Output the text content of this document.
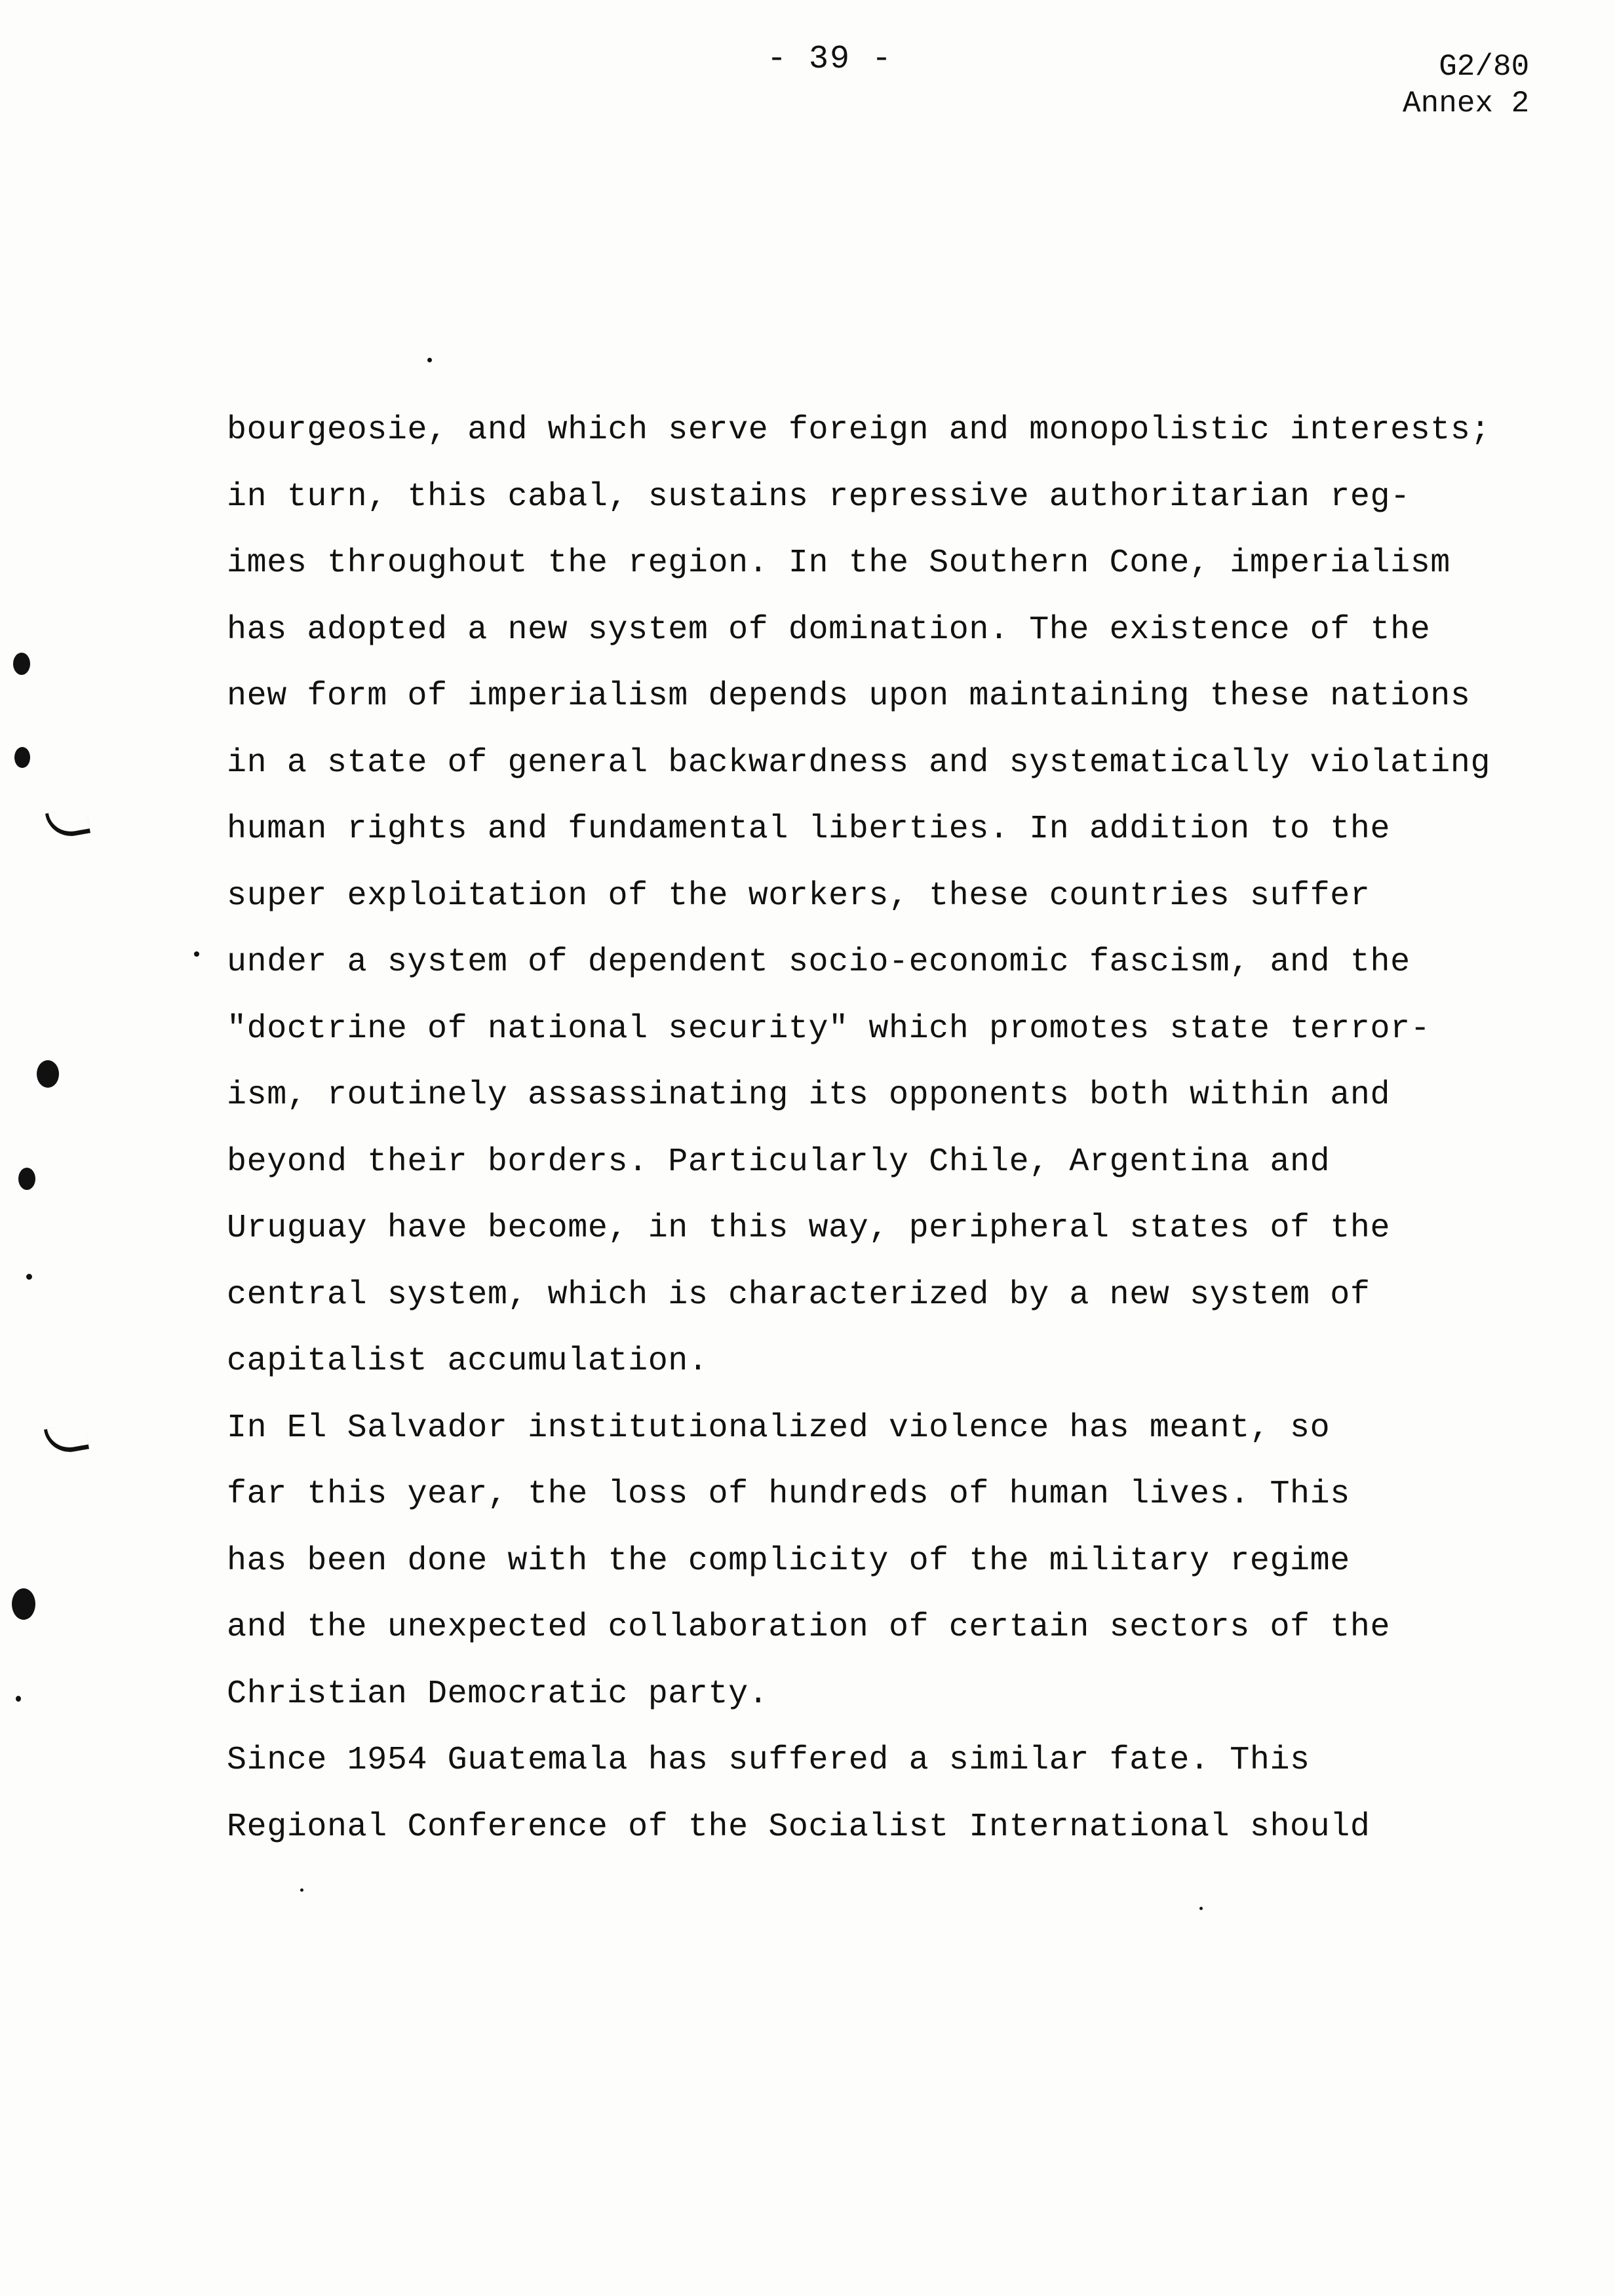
- 39 -	G2/80
Annex 2
bourgeosie, and which serve foreign and monopolistic interests;
in turn, this cabal, sustains repressive authoritarian reg-
imes throughout the region. In the Southern Cone, imperialism
has adopted a new system of domination. The existence of the
new form of imperialism depends upon maintaining these nations
in a state of general backwardness and systematically violating
human rights and fundamental liberties. In addition to the
super exploitation of the workers, these countries suffer
under a system of dependent socio-economic fascism, and the
"doctrine of national security" which promotes state terror-
ism, routinely assassinating its opponents both within and
beyond their borders. Particularly Chile, Argentina and
Uruguay have become, in this way, peripheral states of the
central system, which is characterized by a new system of
capitalist accumulation.
In El Salvador institutionalized violence has meant, so
far this year, the loss of hundreds of human lives. This
has been done with the complicity of the military regime
and the unexpected collaboration of certain sectors of the
Christian Democratic party.
Since 1954 Guatemala has suffered a similar fate. This
Regional Conference of the Socialist International should
